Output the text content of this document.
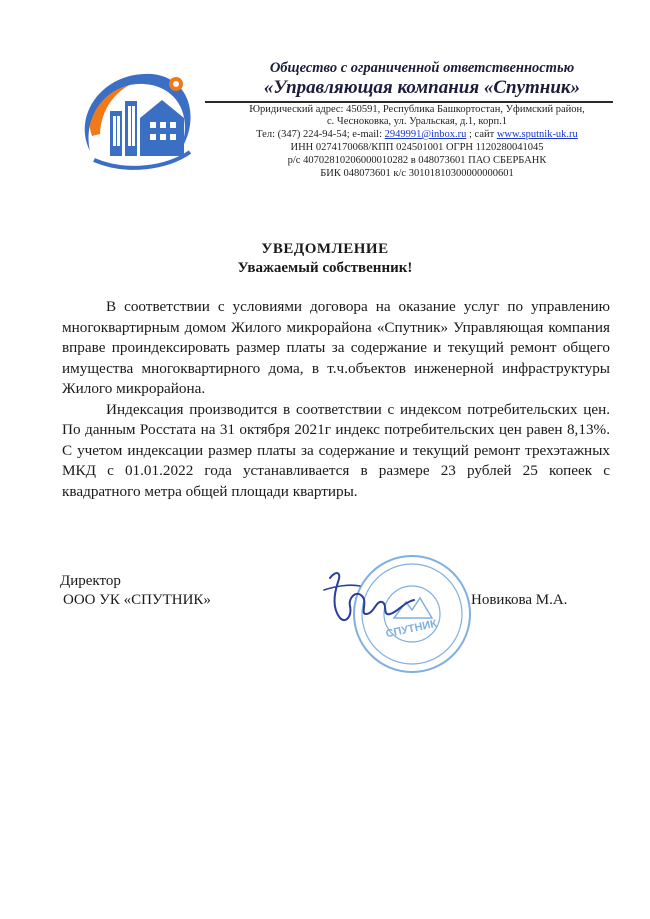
Общество с ограниченной ответственностью
«Управляющая компания «Спутник»
Юридический адрес: 450591, Республика Башкортостан, Уфимский район,
с. Чесноковка, ул. Уральская, д.1, корп.1
Тел: (347) 224-94-54; e-mail: 2949991@inbox.ru ; сайт www.sputnik-uk.ru
ИНН 0274170068/КПП 024501001 ОГРН 1120280041045
р/с 40702810206000010282 в 048073601 ПАО СБЕРБАНК
БИК 048073601 к/с 30101810300000000601
УВЕДОМЛЕНИЕ
Уважаемый собственник!

В соответствии с условиями договора на оказание услуг по управлению многоквартирным домом Жилого микрорайона «Спутник» Управляющая компания вправе проиндексировать размер платы за содержание и текущий ремонт общего имущества многоквартирного дома, в т.ч.объектов инженерной инфраструктуры Жилого микрорайона.

Индексация производится в соответствии с индексом потребительских цен. По данным Росстата на 31 октября 2021г индекс потребительских цен равен 8,13%. С учетом индексации размер платы за содержание и текущий ремонт трехэтажных МКД с 01.01.2022 года устанавливается в размере 23 рублей 25 копеек с квадратного метра общей площади квартиры.

СПУТНИК
Директор
ООО УК «СПУТНИК»	Новикова М.А.
